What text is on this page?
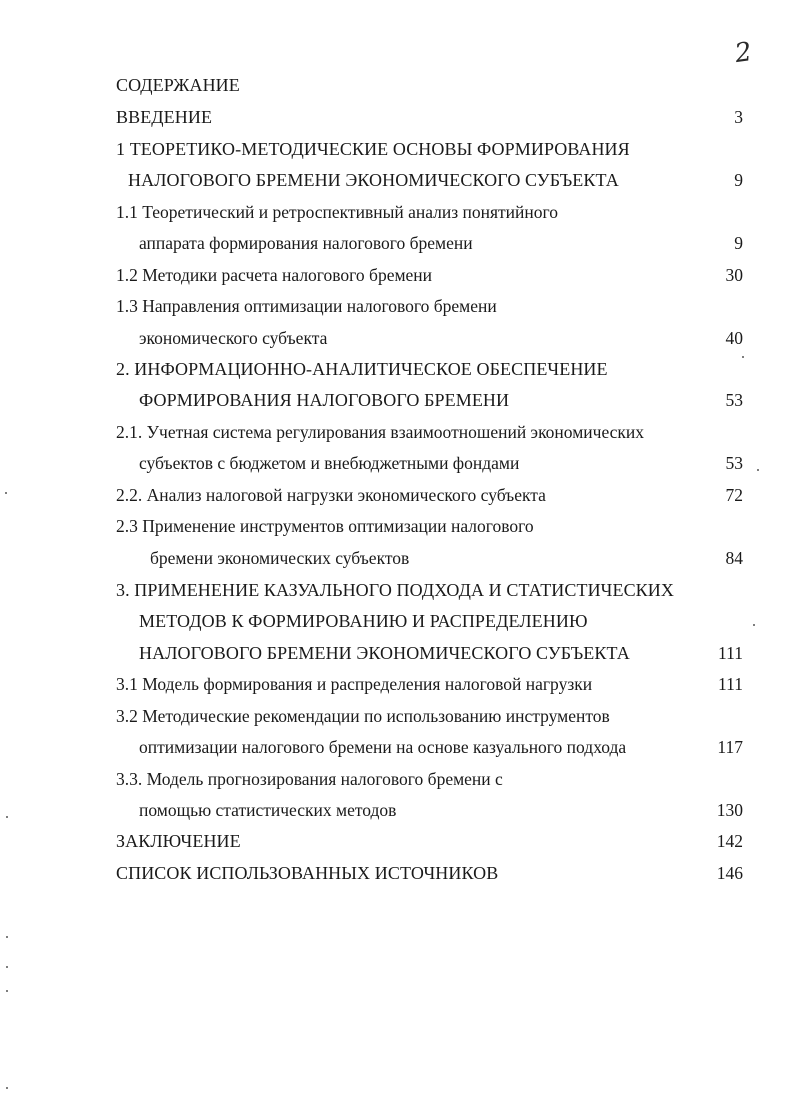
2
СОДЕРЖАНИЕ
ВВЕДЕНИЕ	3
1 ТЕОРЕТИКО-МЕТОДИЧЕСКИЕ ОСНОВЫ ФОРМИРОВАНИЯ
НАЛОГОВОГО БРЕМЕНИ ЭКОНОМИЧЕСКОГО СУБЪЕКТА	9
1.1 Теоретический и ретроспективный анализ понятийного
аппарата формирования налогового бремени	9
1.2 Методики расчета налогового бремени	30
1.3 Направления оптимизации налогового бремени
экономического субъекта	40
2. ИНФОРМАЦИОННО-АНАЛИТИЧЕСКОЕ ОБЕСПЕЧЕНИЕ
ФОРМИРОВАНИЯ НАЛОГОВОГО БРЕМЕНИ	53
2.1. Учетная система регулирования взаимоотношений экономических
субъектов с бюджетом и внебюджетными фондами	53
2.2. Анализ налоговой нагрузки экономического субъекта	72
2.3 Применение инструментов оптимизации налогового
бремени экономических субъектов	84
3. ПРИМЕНЕНИЕ КАЗУАЛЬНОГО ПОДХОДА И СТАТИСТИЧЕСКИХ
МЕТОДОВ К ФОРМИРОВАНИЮ И РАСПРЕДЕЛЕНИЮ
НАЛОГОВОГО БРЕМЕНИ ЭКОНОМИЧЕСКОГО СУБЪЕКТА	111
3.1 Модель формирования и распределения налоговой нагрузки	111
3.2 Методические рекомендации по использованию инструментов
оптимизации налогового бремени на основе казуального подхода	117
3.3. Модель прогнозирования налогового бремени с
помощью статистических методов	130
ЗАКЛЮЧЕНИЕ	142
СПИСОК ИСПОЛЬЗОВАННЫХ ИСТОЧНИКОВ	146
